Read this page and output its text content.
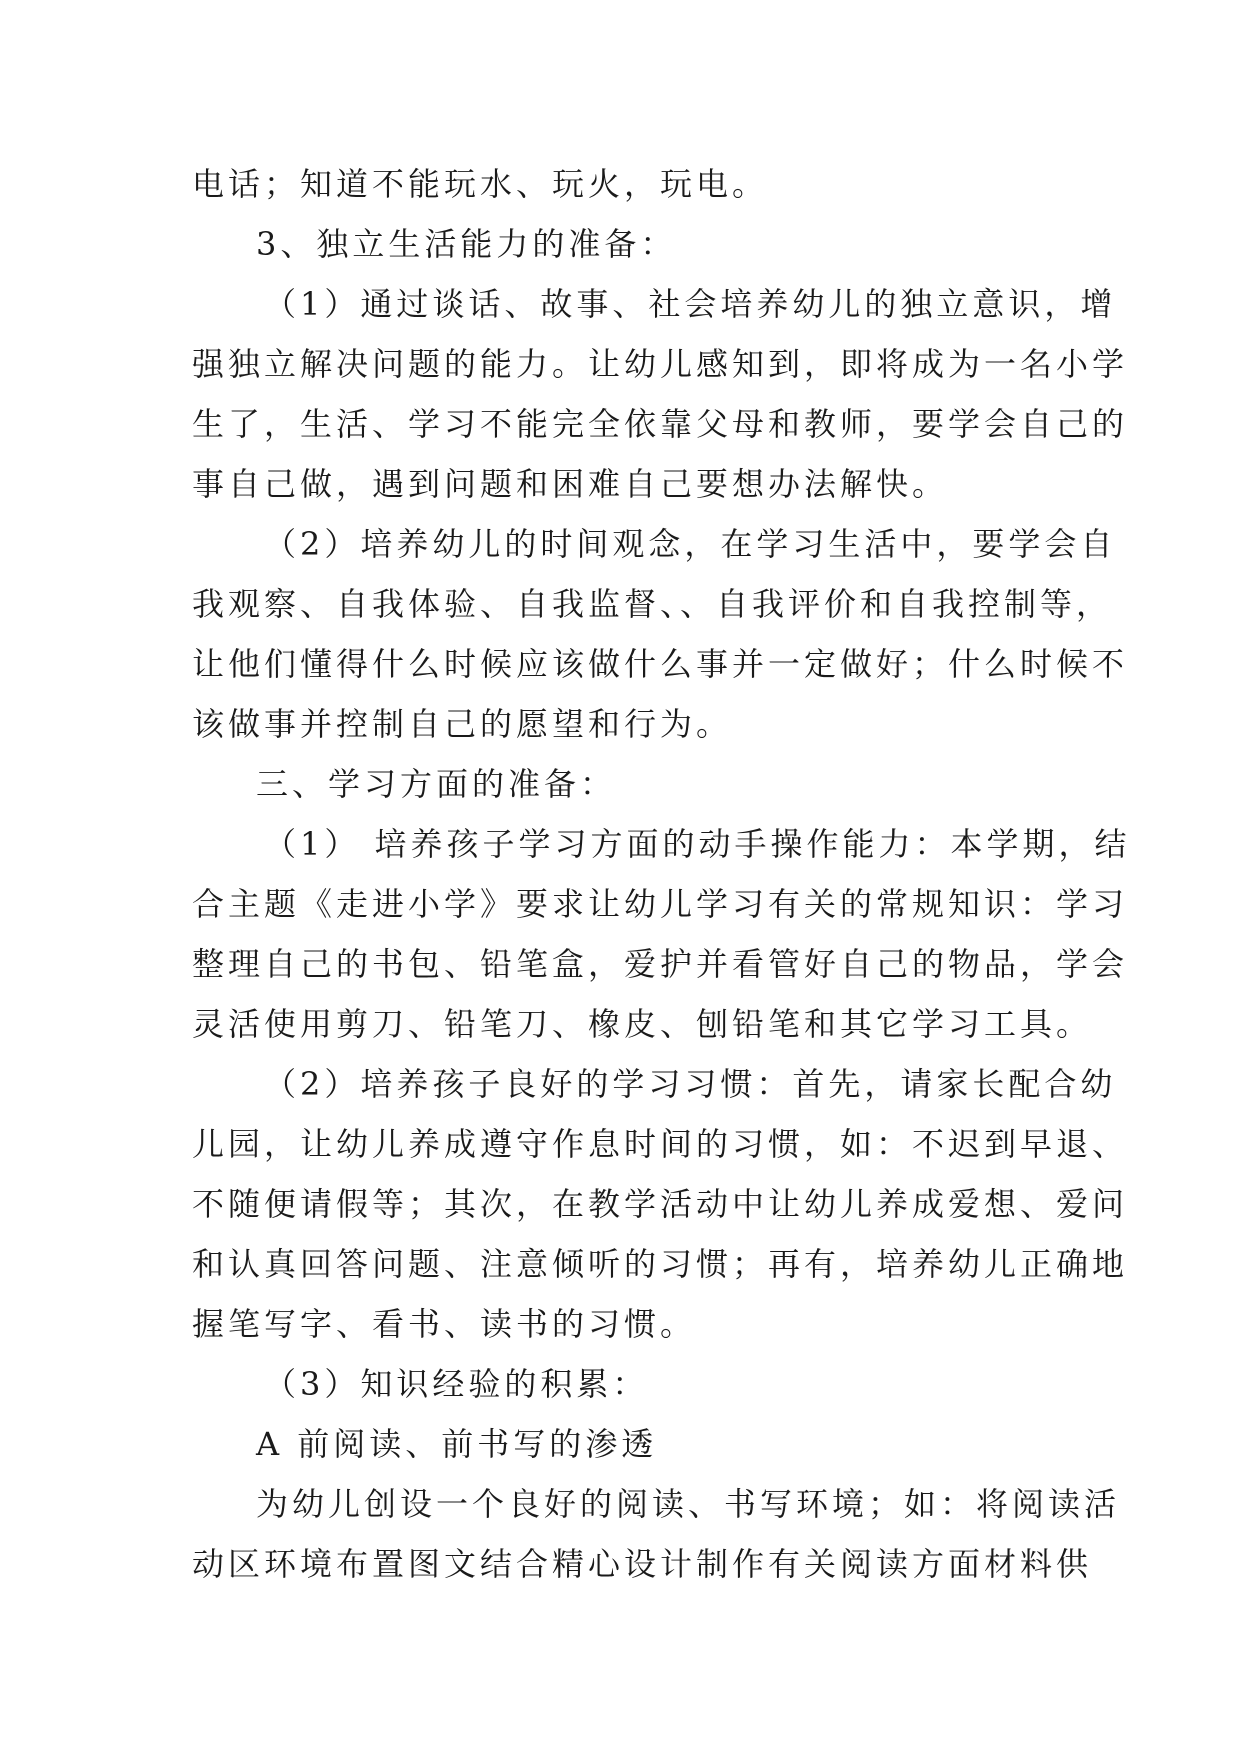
电话；知道不能玩水、玩火，玩电。
3、独立生活能力的准备：
（1）通过谈话、故事、社会培养幼儿的独立意识，增
强独立解决问题的能力。让幼儿感知到，即将成为一名小学
生了，生活、学习不能完全依靠父母和教师，要学会自己的
事自己做，遇到问题和困难自己要想办法解快。
（2）培养幼儿的时间观念，在学习生活中，要学会自
我观察、自我体验、自我监督、、自我评价和自我控制等，
让他们懂得什么时候应该做什么事并一定做好；什么时候不
该做事并控制自己的愿望和行为。
三、学习方面的准备：
（1） 培养孩子学习方面的动手操作能力：本学期，结
合主题《走进小学》要求让幼儿学习有关的常规知识：学习
整理自己的书包、铅笔盒，爱护并看管好自己的物品，学会
灵活使用剪刀、铅笔刀、橡皮、刨铅笔和其它学习工具。
（2）培养孩子良好的学习习惯：首先，请家长配合幼
儿园，让幼儿养成遵守作息时间的习惯，如：不迟到早退、
不随便请假等；其次，在教学活动中让幼儿养成爱想、爱问
和认真回答问题、注意倾听的习惯；再有，培养幼儿正确地
握笔写字、看书、读书的习惯。
（3）知识经验的积累：
A 前阅读、前书写的渗透
为幼儿创设一个良好的阅读、书写环境；如：将阅读活
动区环境布置图文结合精心设计制作有关阅读方面材料供
